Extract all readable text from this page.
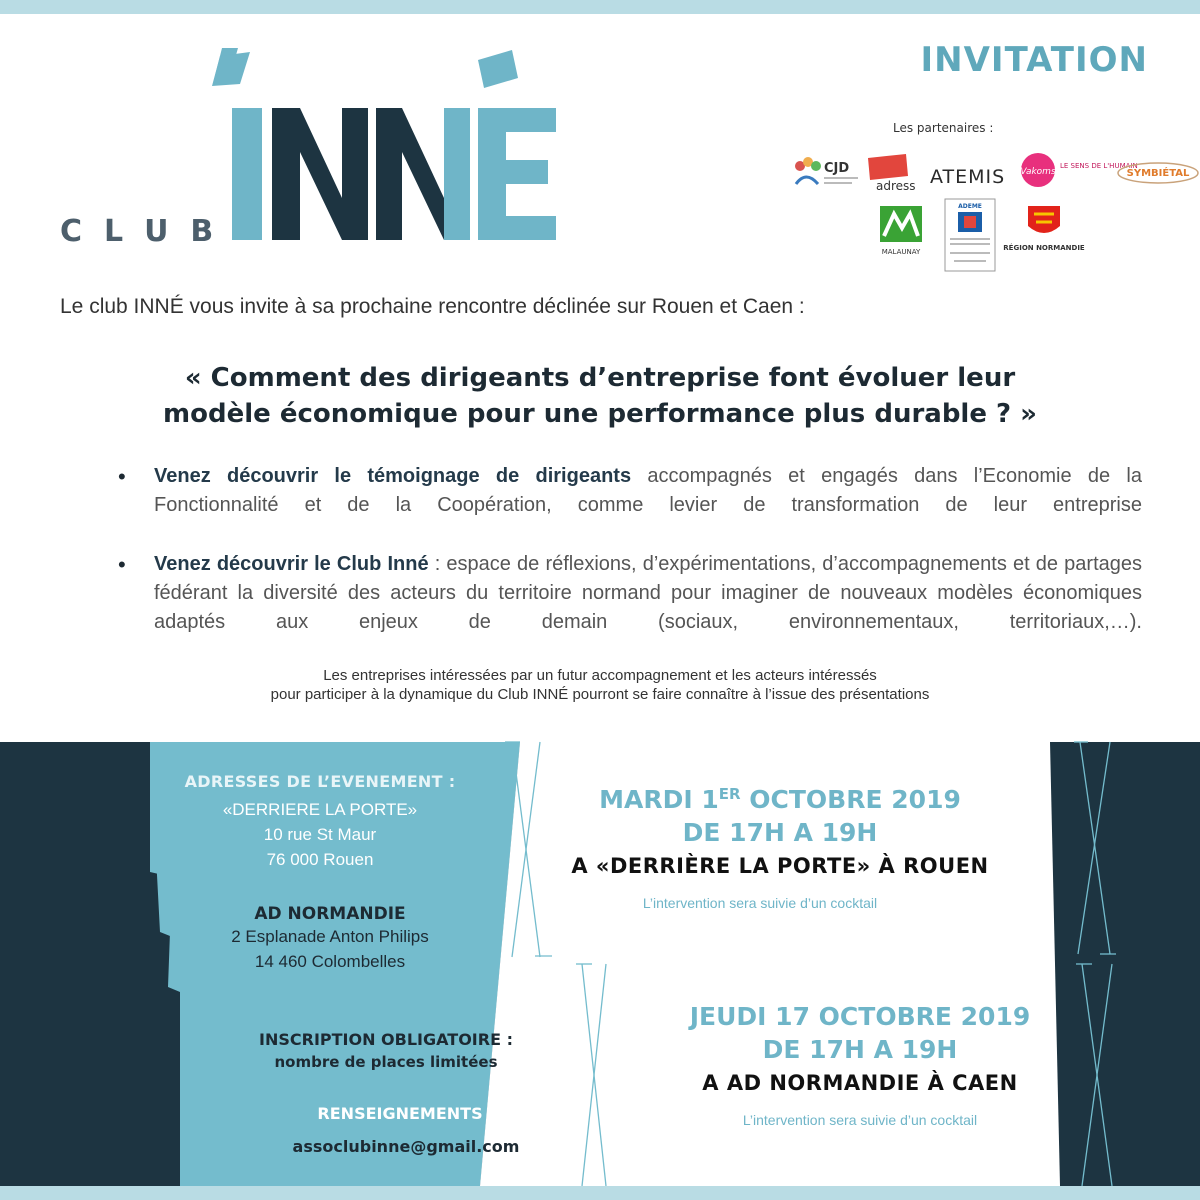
CLUB
INVITATION
Les partenaires :
CJD
adress ATEMIS Vakoms
LE SENS DE L'HUMAIN
SYMBIÉTAL
MALAUNAY
ADEME
RÉGION NORMANDIE
Le club INNÉ vous invite à sa prochaine rencontre déclinée sur Rouen et Caen :
« Comment des dirigeants d’entreprise font évoluer leur
modèle économique pour une performance plus durable ? »
• Venez découvrir le témoignage de dirigeants accompagnés et engagés dans l’Economie de la Fonctionnalité et de la Coopération, comme levier de transformation de leur entreprise
• Venez découvrir le Club Inné : espace de réflexions, d’expérimentations, d’accompagnements et de partages fédérant la diversité des acteurs du territoire normand pour imaginer de nouveaux modèles économiques adaptés aux enjeux de demain (sociaux, environnementaux, territoriaux,…).
Les entreprises intéressées par un futur accompagnement et les acteurs intéressés
pour participer à la dynamique du Club INNÉ pourront se faire connaître à l’issue des présentations
ADRESSES DE L’EVENEMENT :
«DERRIERE LA PORTE»
10 rue St Maur
76 000 Rouen
AD NORMANDIE
2 Esplanade Anton Philips
14 460 Colombelles
INSCRIPTION OBLIGATOIRE :
nombre de places limitées
RENSEIGNEMENTS :
assoclubinne@gmail.com
MARDI 1ER OCTOBRE 2019
DE 17H A 19H
A «DERRIÈRE LA PORTE» À ROUEN
L’intervention sera suivie d’un cocktail
JEUDI 17 OCTOBRE 2019
DE 17H A 19H
A AD NORMANDIE À CAEN
L’intervention sera suivie d’un cocktail
